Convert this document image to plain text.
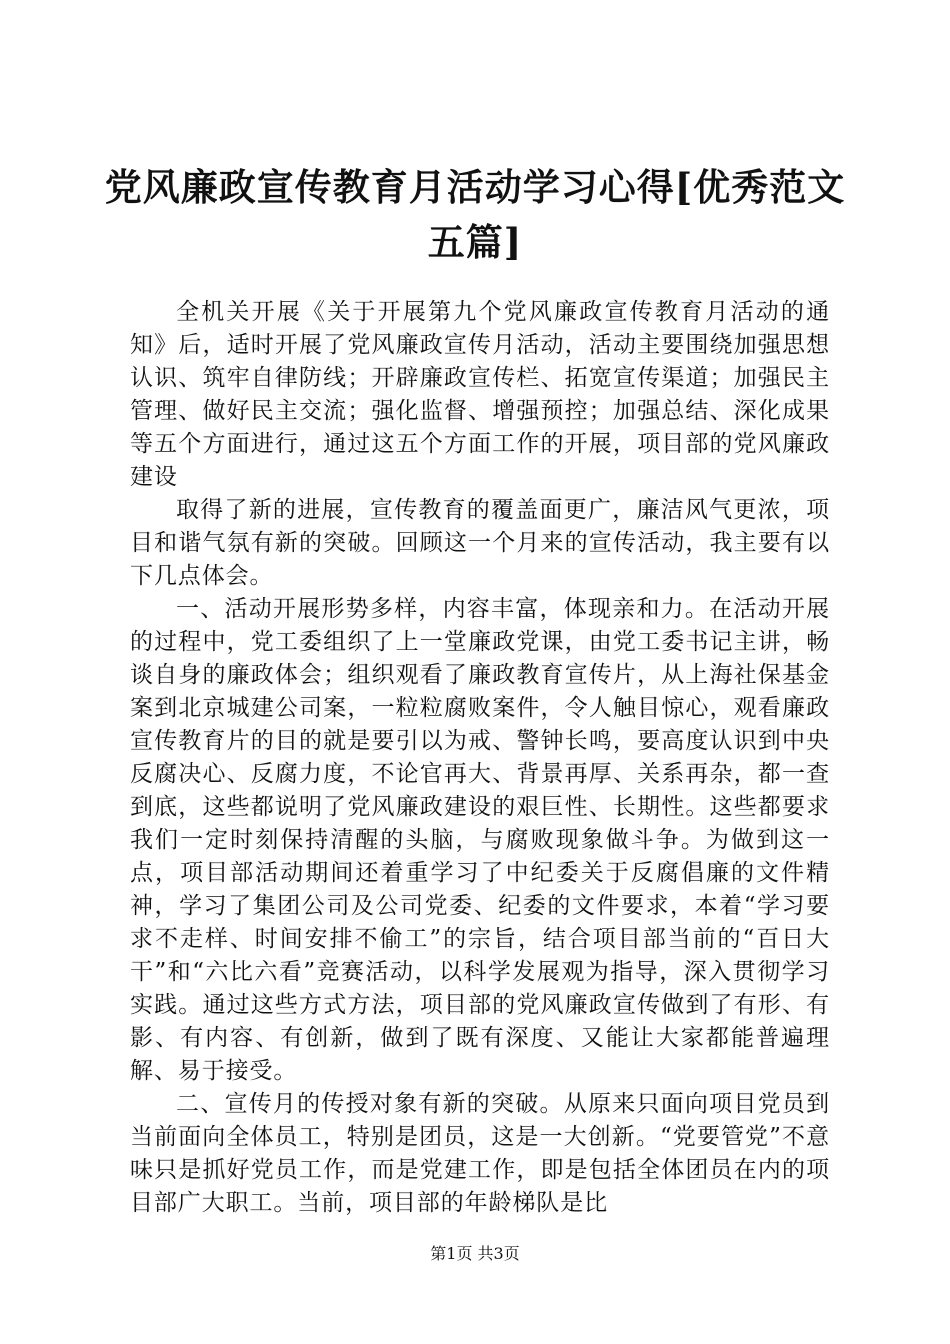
党风廉政宣传教育月活动学习心得[优秀范文五篇]

全机关开展《关于开展第九个党风廉政宣传教育月活动的通知》后，适时开展了党风廉政宣传月活动，活动主要围绕加强思想认识、筑牢自律防线；开辟廉政宣传栏、拓宽宣传渠道；加强民主管理、做好民主交流；强化监督、增强预控；加强总结、深化成果等五个方面进行，通过这五个方面工作的开展，项目部的党风廉政建设

取得了新的进展，宣传教育的覆盖面更广，廉洁风气更浓，项目和谐气氛有新的突破。回顾这一个月来的宣传活动，我主要有以下几点体会。

一、活动开展形势多样，内容丰富，体现亲和力。在活动开展的过程中，党工委组织了上一堂廉政党课，由党工委书记主讲，畅谈自身的廉政体会；组织观看了廉政教育宣传片，从上海社保基金案到北京城建公司案，一粒粒腐败案件，令人触目惊心，观看廉政宣传教育片的目的就是要引以为戒、警钟长鸣，要高度认识到中央反腐决心、反腐力度，不论官再大、背景再厚、关系再杂，都一查到底，这些都说明了党风廉政建设的艰巨性、长期性。这些都要求我们一定时刻保持清醒的头脑，与腐败现象做斗争。为做到这一点，项目部活动期间还着重学习了中纪委关于反腐倡廉的文件精神，学习了集团公司及公司党委、纪委的文件要求，本着“学习要求不走样、时间安排不偷工”的宗旨，结合项目部当前的“百日大干”和“六比六看”竞赛活动，以科学发展观为指导，深入贯彻学习实践。通过这些方式方法，项目部的党风廉政宣传做到了有形、有影、有内容、有创新，做到了既有深度、又能让大家都能普遍理解、易于接受。

二、宣传月的传授对象有新的突破。从原来只面向项目党员到当前面向全体员工，特别是团员，这是一大创新。“党要管党”不意味只是抓好党员工作，而是党建工作，即是包括全体团员在内的项目部广大职工。当前，项目部的年龄梯队是比

第1页 共3页
